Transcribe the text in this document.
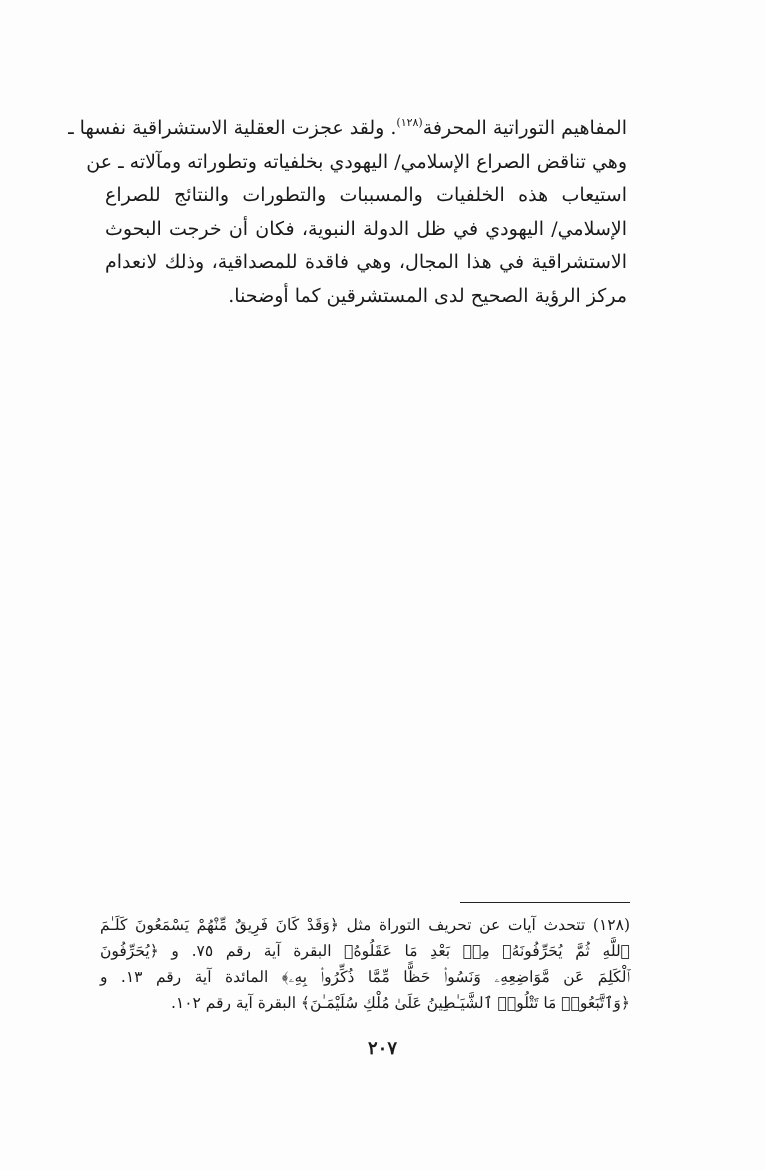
المفاهيم التوراتية المحرفة$^{(١٢٨)}$. ولقد عجزت العقلية الاستشراقية نفسها ـ
وهي تناقض الصراع الإسلامي/ اليهودي بخلفياته وتطوراته ومآلاته ـ عن
استيعاب هذه الخلفيات والمسببات والتطورات والنتائج للصراع
الإسلامي/ اليهودي في ظل الدولة النبوية، فكان أن خرجت البحوث
الاستشراقية في هذا المجال، وهي فاقدة للمصداقية، وذلك لانعدام
مركز الرؤية الصحيح لدى المستشرقين كما أوضحنا.
(١٢٨) تتحدث آيات عن تحريف التوراة مثل ﴿وَقَدْ كَانَ فَرِيقٌ مِّنْهُمْ يَسْمَعُونَ كَلَـٰمَ
ٱللَّهِ ثُمَّ يُحَرِّفُونَهُۥ مِنۢ بَعْدِ مَا عَقَلُوهُ﴾ البقرة آية رقم ٧٥. و ﴿يُحَرِّفُونَ
ٱلْكَلِمَ عَن مَّوَاضِعِهِۦ وَنَسُوا۟ حَظًّا مِّمَّا ذُكِّرُوا۟ بِهِۦ﴾ المائدة آية رقم ١٣. و
﴿وَٱتَّبَعُوا۟ مَا تَتْلُوا۟ ٱلشَّيَـٰطِينُ عَلَىٰ مُلْكِ سُلَيْمَـٰنَ﴾ البقرة آية رقم ١٠٢.
٢٠٧
